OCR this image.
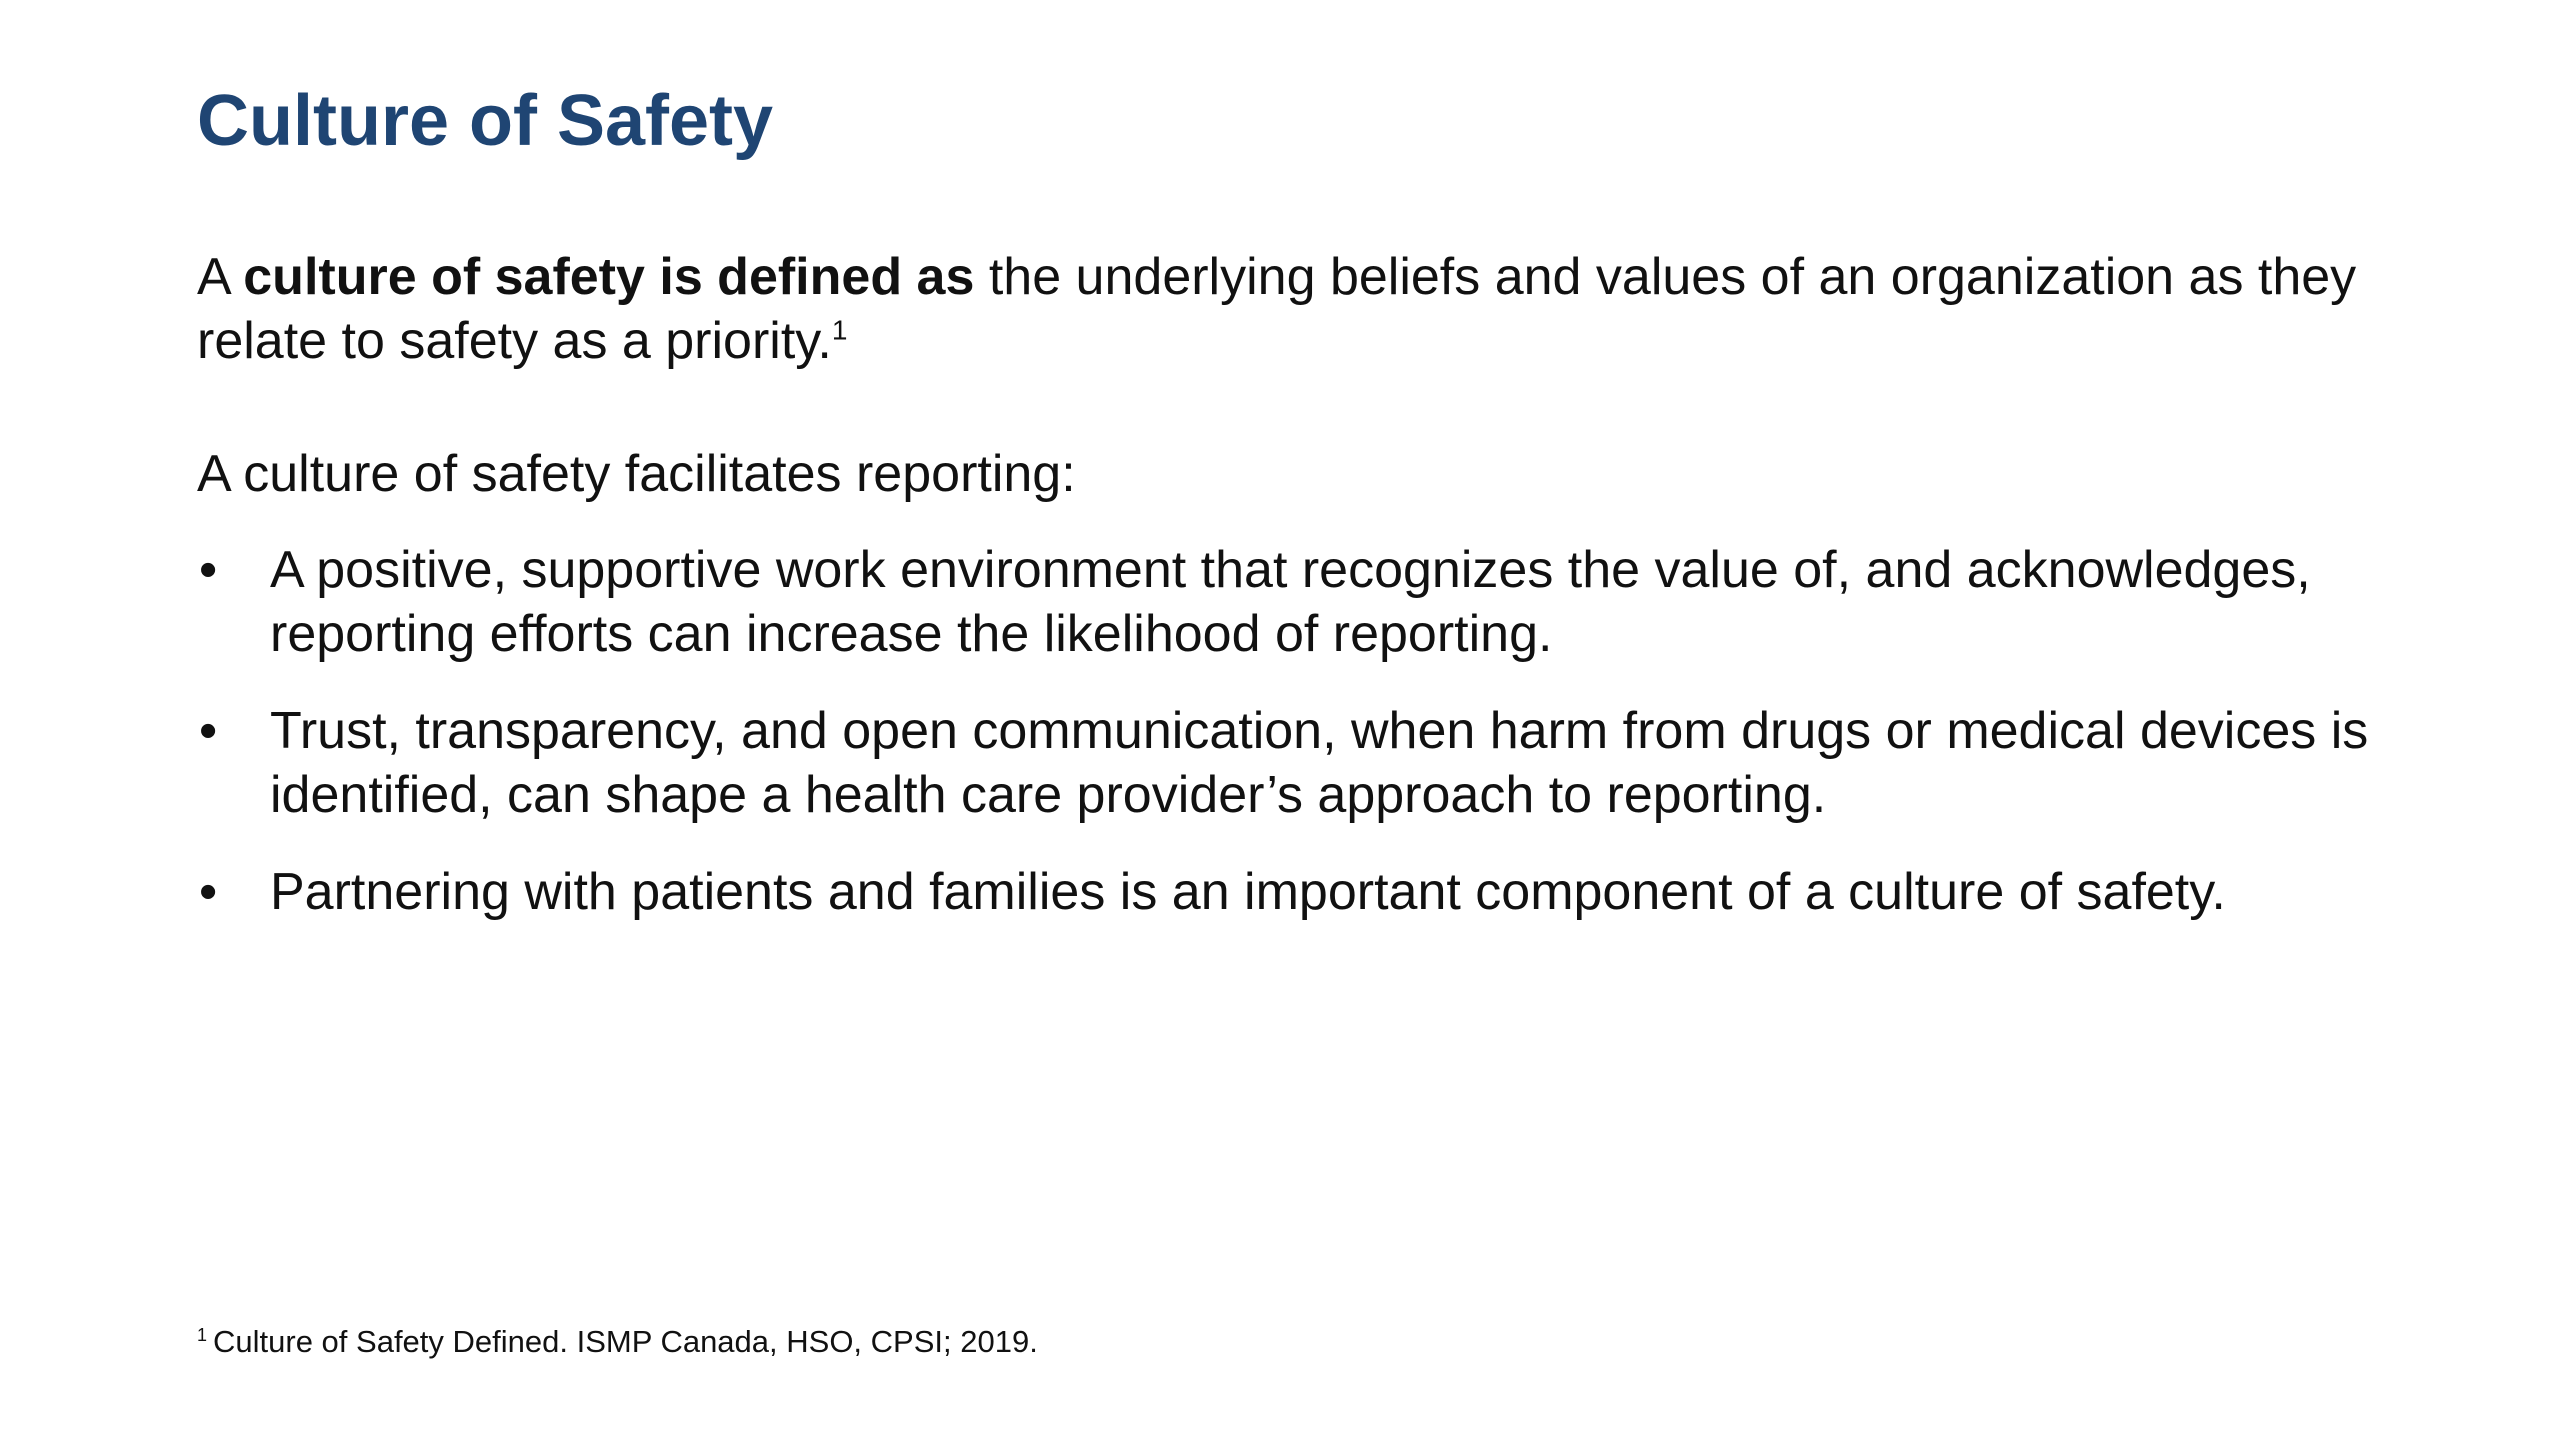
Culture of Safety

A culture of safety is defined as the underlying beliefs and values of an organization as they relate to safety as a priority.$^1$

A culture of safety facilitates reporting:

• A positive, supportive work environment that recognizes the value of, and acknowledges, reporting efforts can increase the likelihood of reporting.
• Trust, transparency, and open communication, when harm from drugs or medical devices is identified, can shape a health care provider’s approach to reporting.
• Partnering with patients and families is an important component of a culture of safety.

$^1$ Culture of Safety Defined. ISMP Canada, HSO, CPSI; 2019.
